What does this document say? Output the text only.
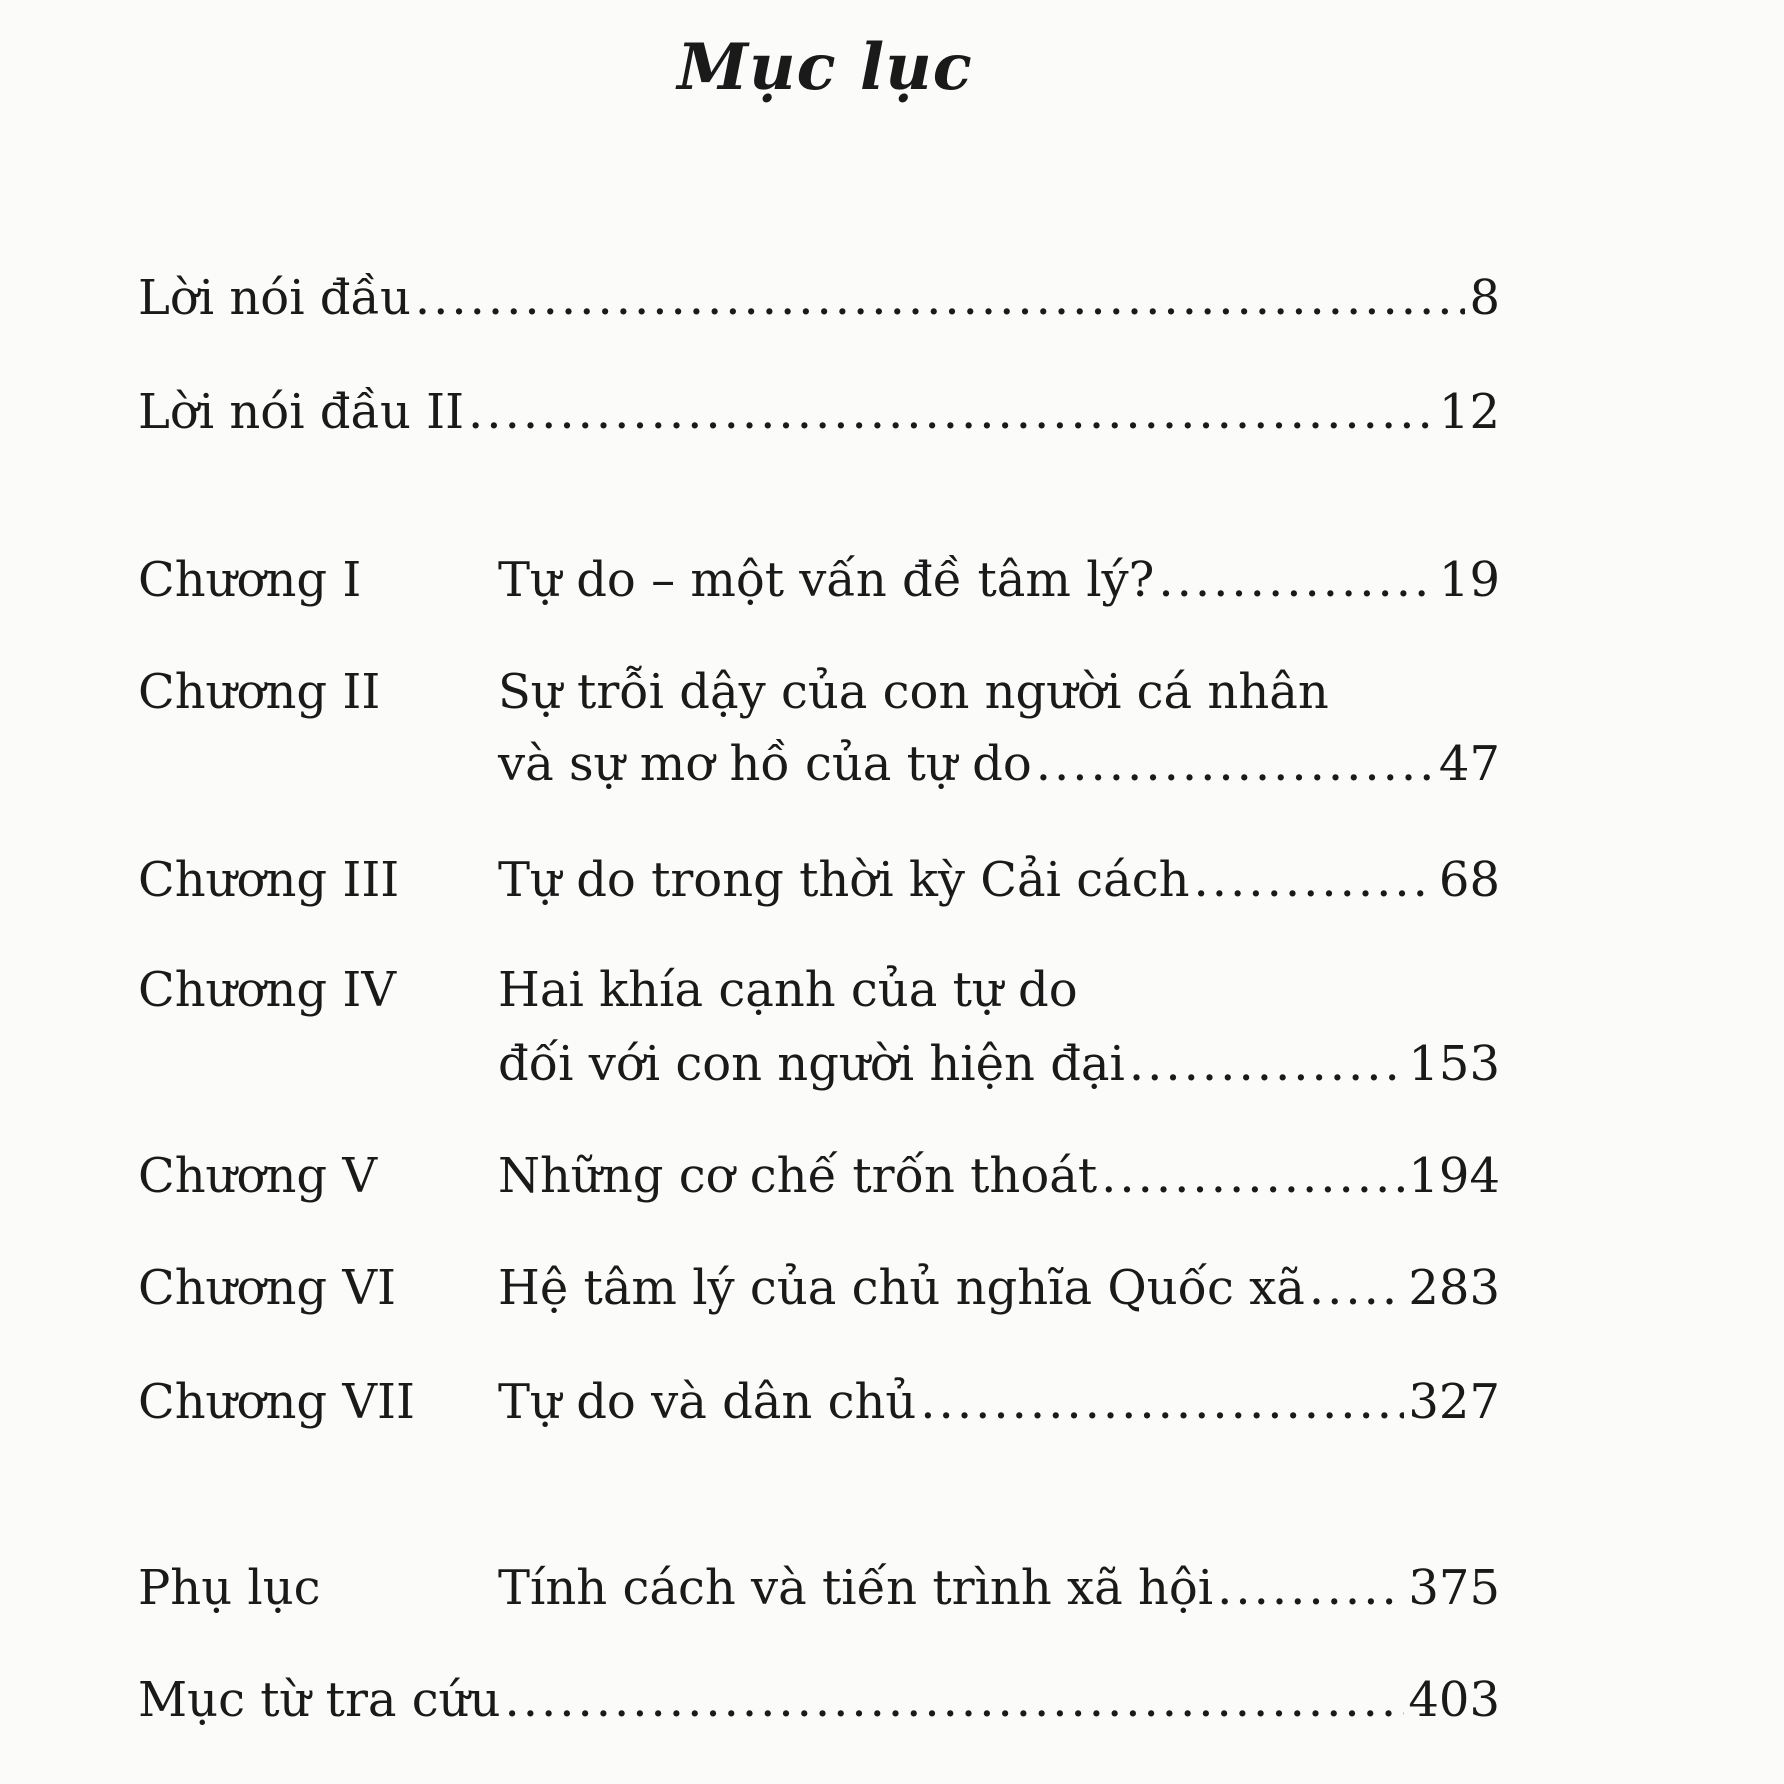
Mục lục
Lời nói đầu .....	8
Lời nói đầu II .....	12
Chương I	Tự do – một vấn đề tâm lý? .....	19
Chương II Sự trỗi dậy của con người cá nhân
và sự mơ hồ của tự do .....	47
Chương III Tự do trong thời kỳ Cải cách .....	68
Chương IV Hai khía cạnh của tự do
đối với con người hiện đại .....	153
Chương V	Những cơ chế trốn thoát .....	194
Chương VI Hệ tâm lý của chủ nghĩa Quốc xã ..... 283
Chương VII Tự do và dân chủ .....	327
Phụ lục	Tính cách và tiến trình xã hội .....	375
Mục từ tra cứu .....	403
